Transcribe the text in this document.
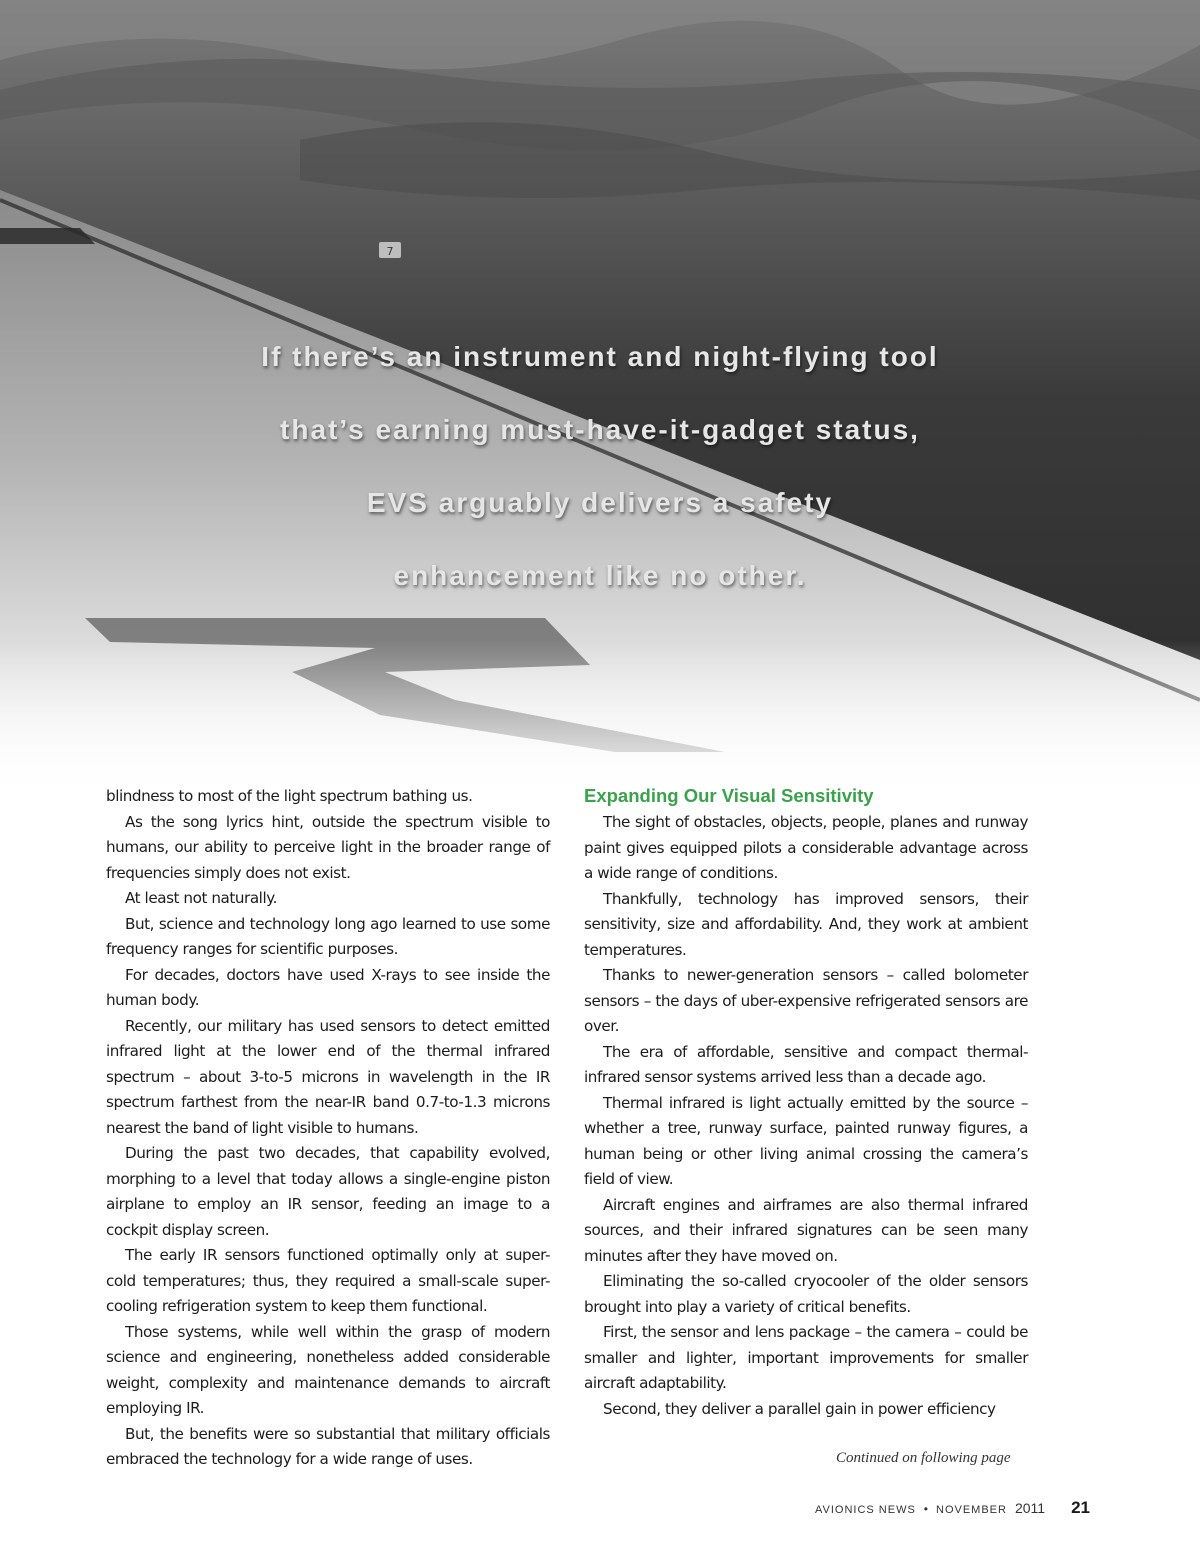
7
If there’s an instrument and night-flying tool
that’s earning must-have-it-gadget status,
EVS arguably delivers a safety
enhancement like no other.

blindness to most of the light spectrum bathing us.

As the song lyrics hint, outside the spectrum visible to humans, our ability to perceive light in the broader range of frequencies simply does not exist.

At least not naturally.

But, science and technology long ago learned to use some frequency ranges for scientific purposes.

For decades, doctors have used X-rays to see inside the human body.

Recently, our military has used sensors to detect emitted infrared light at the lower end of the thermal infrared spectrum – about 3-to-5 microns in wavelength in the IR spectrum farthest from the near-IR band 0.7-to-1.3 microns nearest the band of light visible to humans.

During the past two decades, that capability evolved, morphing to a level that today allows a single-engine piston airplane to employ an IR sensor, feeding an image to a cockpit display screen.

The early IR sensors functioned optimally only at super-cold temperatures; thus, they required a small-scale super-cooling refrigeration system to keep them functional.

Those systems, while well within the grasp of modern science and engineering, nonetheless added considerable weight, complexity and maintenance demands to aircraft employing IR.

But, the benefits were so substantial that military officials embraced the technology for a wide range of uses.

Expanding Our Visual Sensitivity

The sight of obstacles, objects, people, planes and runway paint gives equipped pilots a considerable advantage across a wide range of conditions.

Thankfully, technology has improved sensors, their sensitivity, size and affordability. And, they work at ambient temperatures.

Thanks to newer-generation sensors – called bolometer sensors – the days of uber-expensive refrigerated sensors are over.

The era of affordable, sensitive and compact thermal-infrared sensor systems arrived less than a decade ago.

Thermal infrared is light actually emitted by the source – whether a tree, runway surface, painted runway figures, a human being or other living animal crossing the camera’s field of view.

Aircraft engines and airframes are also thermal infrared sources, and their infrared signatures can be seen many minutes after they have moved on.

Eliminating the so-called cryocooler of the older sensors brought into play a variety of critical benefits.

First, the sensor and lens package – the camera – could be smaller and lighter, important improvements for smaller aircraft adaptability.

Second, they deliver a parallel gain in power efficiency

Continued on following page
AVIONICS NEWS • NOVEMBER 2011 21
